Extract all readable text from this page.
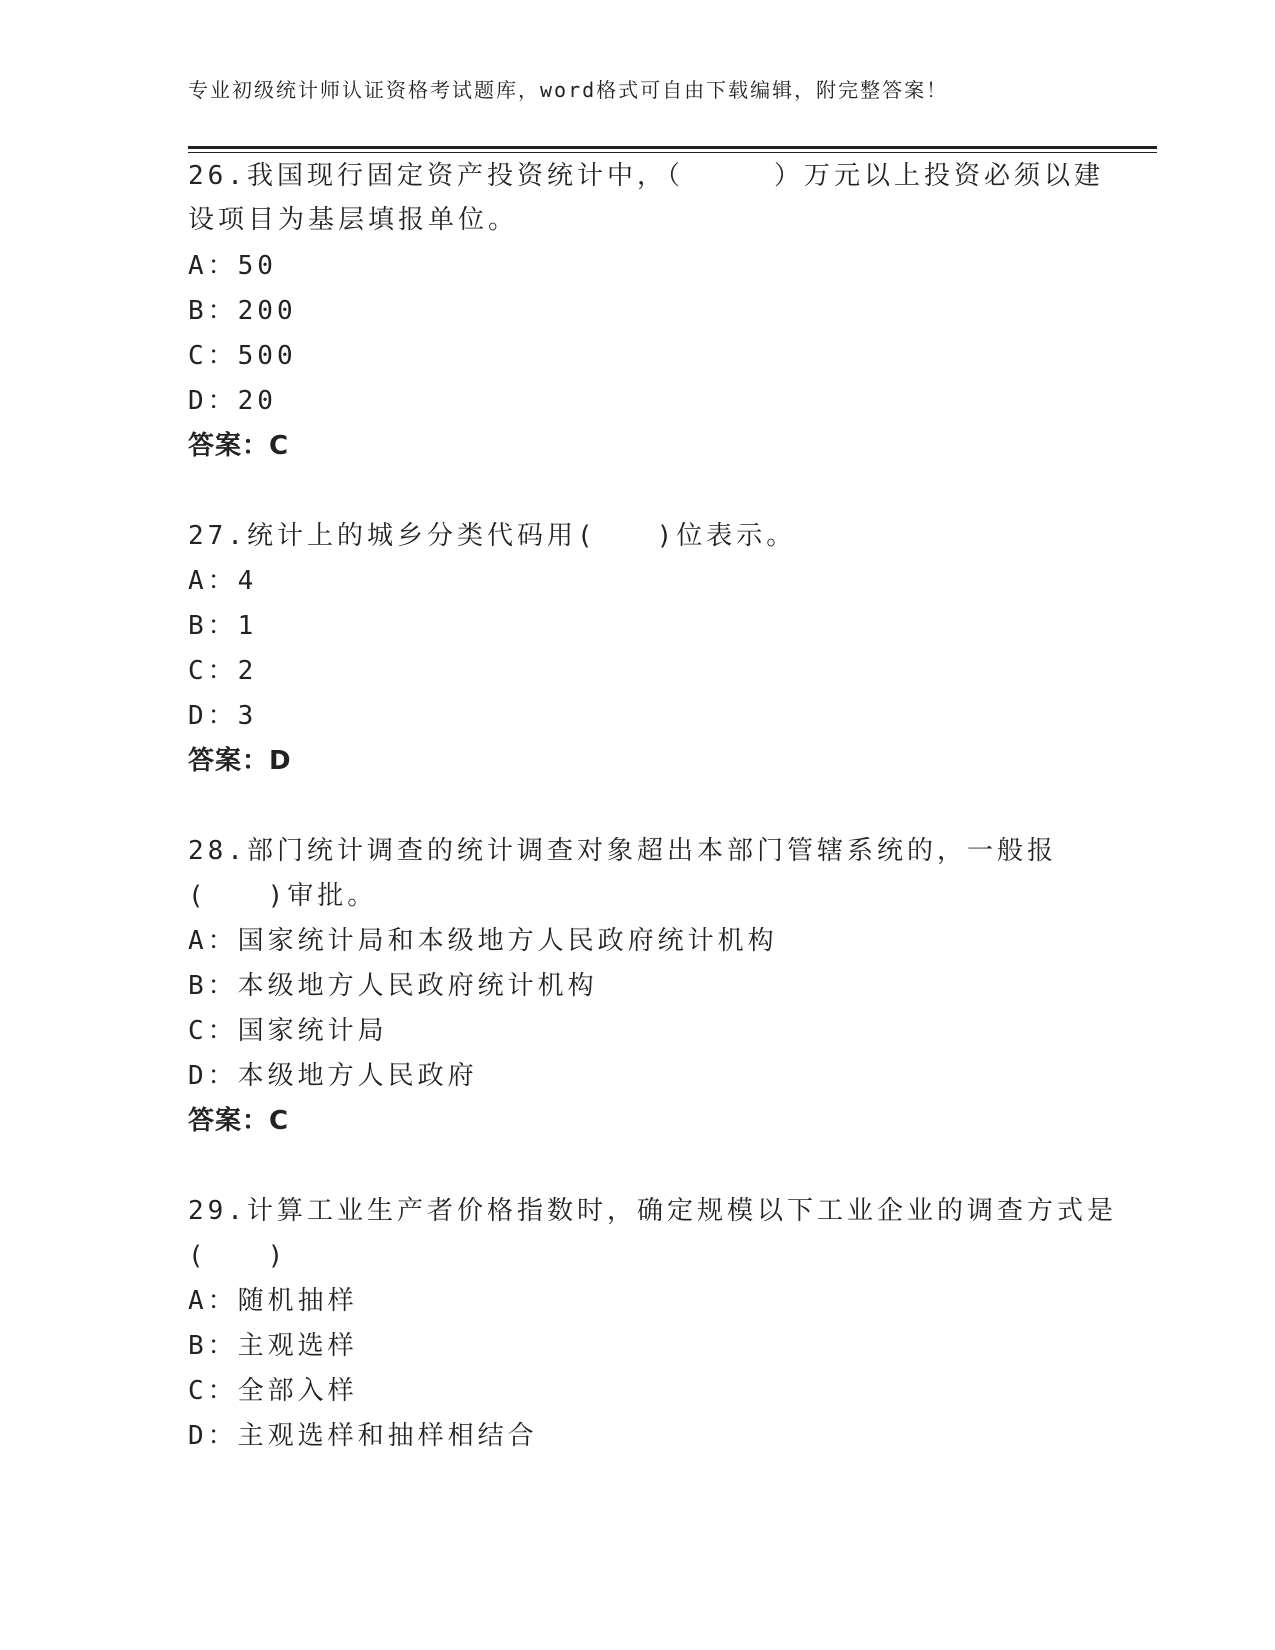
专业初级统计师认证资格考试题库，word格式可自由下载编辑，附完整答案！
26.我国现行固定资产投资统计中，（　　　）万元以上投资必须以建
设项目为基层填报单位。
A：50
B：200
C：500
D：20
答案：C
27.统计上的城乡分类代码用(　　)位表示。
A：4
B：1
C：2
D：3
答案：D
28.部门统计调查的统计调查对象超出本部门管辖系统的，一般报
(　　)审批。
A：国家统计局和本级地方人民政府统计机构
B：本级地方人民政府统计机构
C：国家统计局
D：本级地方人民政府
答案：C
29.计算工业生产者价格指数时，确定规模以下工业企业的调查方式是
(　　)
A：随机抽样
B：主观选样
C：全部入样
D：主观选样和抽样相结合
